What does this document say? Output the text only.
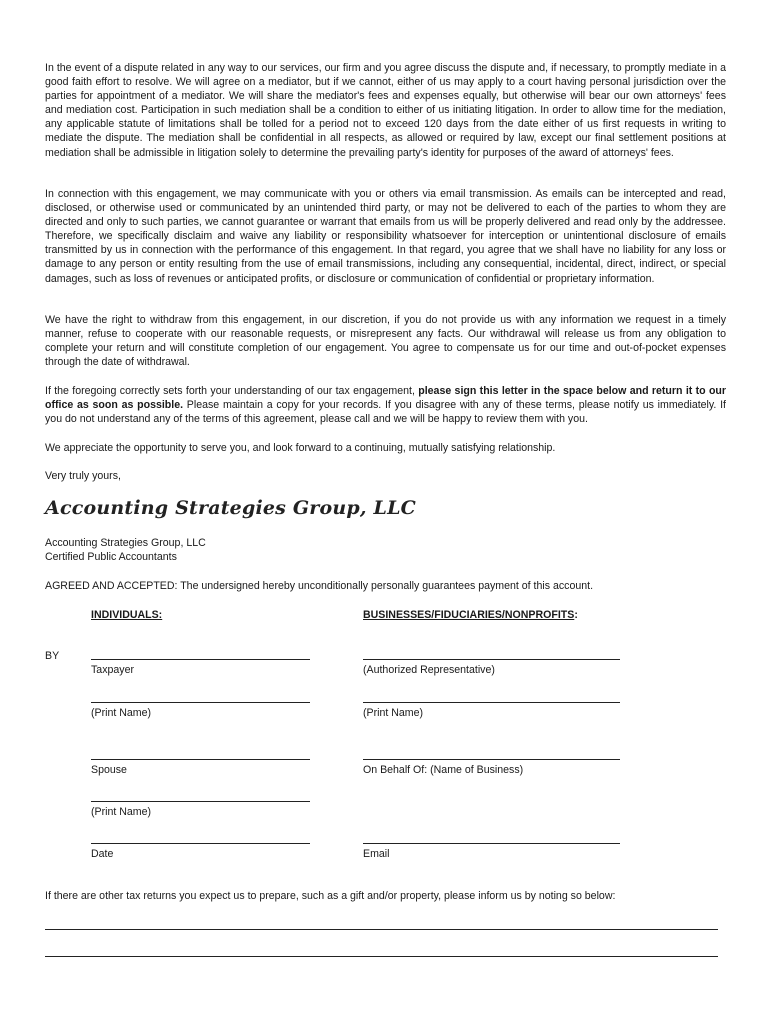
In the event of a dispute related in any way to our services, our firm and you agree discuss the dispute and, if necessary, to promptly mediate in a good faith effort to resolve. We will agree on a mediator, but if we cannot, either of us may apply to a court having personal jurisdiction over the parties for appointment of a mediator. We will share the mediator's fees and expenses equally, but otherwise will bear our own attorneys' fees and mediation cost. Participation in such mediation shall be a condition to either of us initiating litigation. In order to allow time for the mediation, any applicable statute of limitations shall be tolled for a period not to exceed 120 days from the date either of us first requests in writing to mediate the dispute. The mediation shall be confidential in all respects, as allowed or required by law, except our final settlement positions at mediation shall be admissible in litigation solely to determine the prevailing party's identity for purposes of the award of attorneys' fees.

In connection with this engagement, we may communicate with you or others via email transmission. As emails can be intercepted and read, disclosed, or otherwise used or communicated by an unintended third party, or may not be delivered to each of the parties to whom they are directed and only to such parties, we cannot guarantee or warrant that emails from us will be properly delivered and read only by the addressee. Therefore, we specifically disclaim and waive any liability or responsibility whatsoever for interception or unintentional disclosure of emails transmitted by us in connection with the performance of this engagement. In that regard, you agree that we shall have no liability for any loss or damage to any person or entity resulting from the use of email transmissions, including any consequential, incidental, direct, indirect, or special damages, such as loss of revenues or anticipated profits, or disclosure or communication of confidential or proprietary information.

We have the right to withdraw from this engagement, in our discretion, if you do not provide us with any information we request in a timely manner, refuse to cooperate with our reasonable requests, or misrepresent any facts. Our withdrawal will release us from any obligation to complete your return and will constitute completion of our engagement. You agree to compensate us for our time and out-of-pocket expenses through the date of withdrawal.

If the foregoing correctly sets forth your understanding of our tax engagement, please sign this letter in the space below and return it to our office as soon as possible. Please maintain a copy for your records. If you disagree with any of these terms, please notify us immediately. If you do not understand any of the terms of this agreement, please call and we will be happy to review them with you.

We appreciate the opportunity to serve you, and look forward to a continuing, mutually satisfying relationship.

Very truly yours,
Accounting Strategies Group, LLC
Accounting Strategies Group, LLC
Certified Public Accountants
AGREED AND ACCEPTED: The undersigned hereby unconditionally personally guarantees payment of this account.
INDIVIDUALS:	BUSINESSES/FIDUCIARIES/NONPROFITS:
BY
Taxpayer
(Print Name)
Spouse
(Print Name)
Date
(Authorized Representative)
(Print Name)
On Behalf Of: (Name of Business)
Email
If there are other tax returns you expect us to prepare, such as a gift and/or property, please inform us by noting so below:
